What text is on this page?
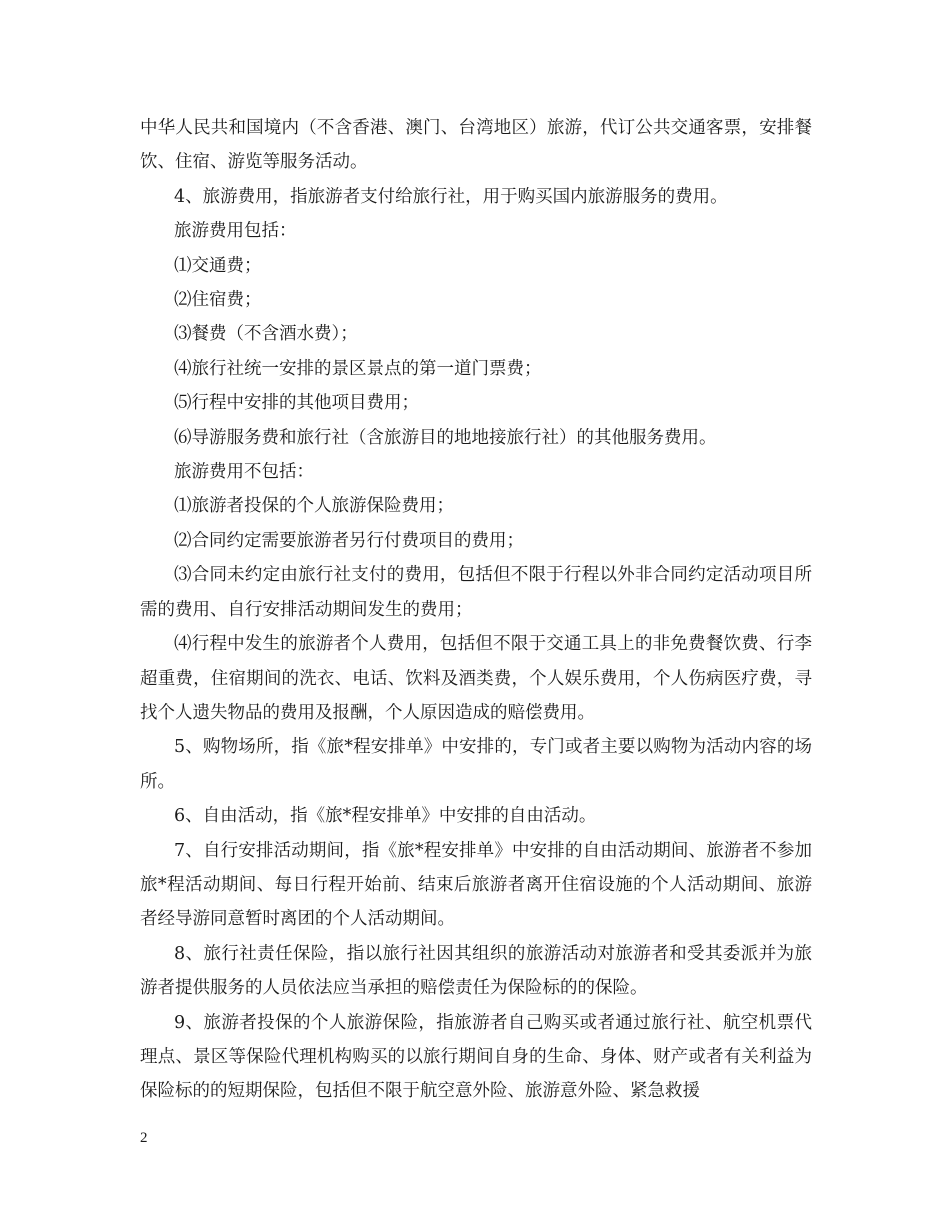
中华人民共和国境内（不含香港、澳门、台湾地区）旅游，代订公共交通客票，安排餐饮、住宿、游览等服务活动。

4、旅游费用，指旅游者支付给旅行社，用于购买国内旅游服务的费用。

旅游费用包括：

⑴交通费；

⑵住宿费；

⑶餐费（不含酒水费）；

⑷旅行社统一安排的景区景点的第一道门票费；

⑸行程中安排的其他项目费用；

⑹导游服务费和旅行社（含旅游目的地地接旅行社）的其他服务费用。

旅游费用不包括：

⑴旅游者投保的个人旅游保险费用；

⑵合同约定需要旅游者另行付费项目的费用；

⑶合同未约定由旅行社支付的费用，包括但不限于行程以外非合同约定活动项目所需的费用、自行安排活动期间发生的费用；

⑷行程中发生的旅游者个人费用，包括但不限于交通工具上的非免费餐饮费、行李超重费，住宿期间的洗衣、电话、饮料及酒类费，个人娱乐费用，个人伤病医疗费，寻找个人遗失物品的费用及报酬，个人原因造成的赔偿费用。

5、购物场所，指《旅*程安排单》中安排的，专门或者主要以购物为活动内容的场所。

6、自由活动，指《旅*程安排单》中安排的自由活动。

7、自行安排活动期间，指《旅*程安排单》中安排的自由活动期间、旅游者不参加旅*程活动期间、每日行程开始前、结束后旅游者离开住宿设施的个人活动期间、旅游者经导游同意暂时离团的个人活动期间。

8、旅行社责任保险，指以旅行社因其组织的旅游活动对旅游者和受其委派并为旅游者提供服务的人员依法应当承担的赔偿责任为保险标的的保险。

9、旅游者投保的个人旅游保险，指旅游者自己购买或者通过旅行社、航空机票代理点、景区等保险代理机构购买的以旅行期间自身的生命、身体、财产或者有关利益为保险标的的短期保险，包括但不限于航空意外险、旅游意外险、紧急救援

2
